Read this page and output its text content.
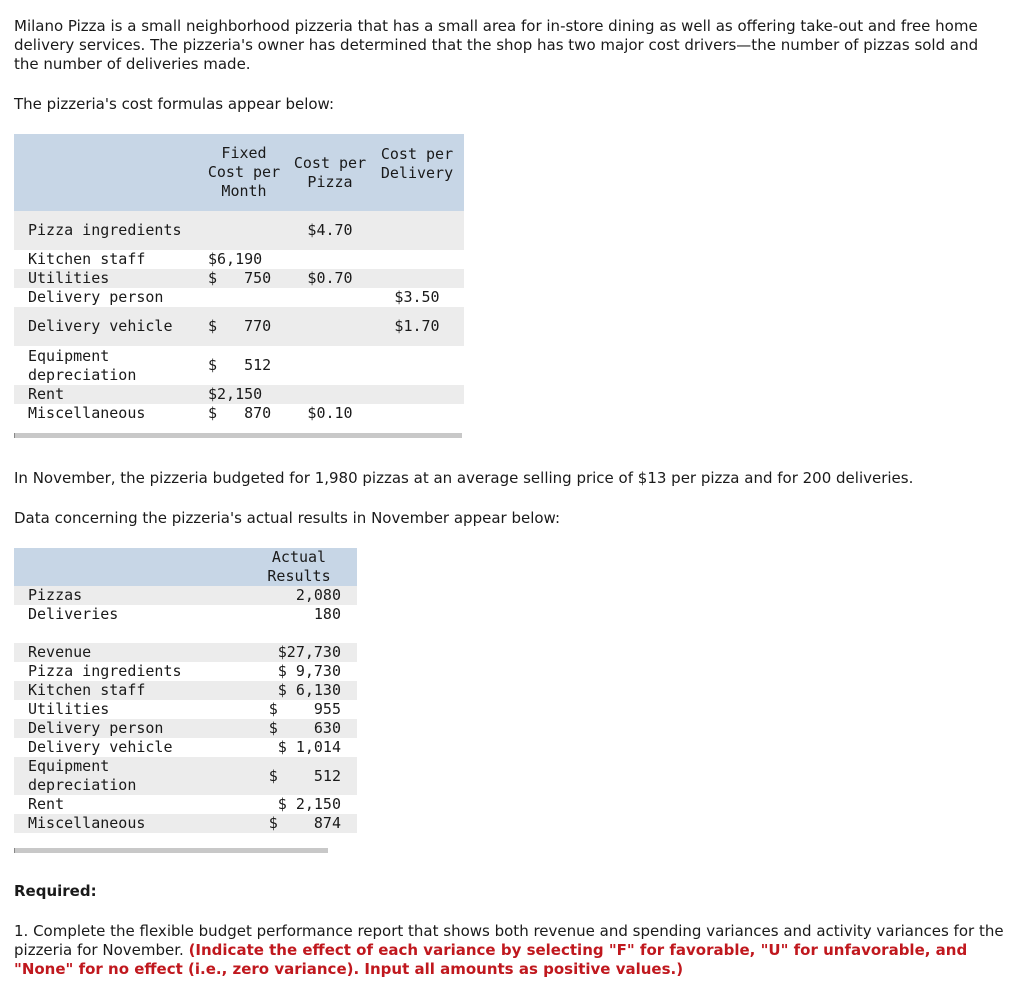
Milano Pizza is a small neighborhood pizzeria that has a small area for in-store dining as well as offering take-out and free home delivery services. The pizzeria's owner has determined that the shop has two major cost drivers—the number of pizzas sold and the number of deliveries made.

The pizzeria's cost formulas appear below:

	Fixed Cost per Month	Cost per Pizza	Cost per Delivery
Pizza ingredients		$4.70	
Kitchen staff	$6,190		
Utilities	$   750	$0.70	
Delivery person			$3.50
Delivery vehicle	$   770		$1.70
Equipment depreciation	$   512		
Rent	$2,150		
Miscellaneous	$   870	$0.10	

In November, the pizzeria budgeted for 1,980 pizzas at an average selling price of $13 per pizza and for 200 deliveries.

Data concerning the pizzeria's actual results in November appear below:

	Actual Results
Pizzas	2,080
Deliveries	180

Revenue	$27,730
Pizza ingredients	$ 9,730
Kitchen staff	$ 6,130
Utilities	$    955
Delivery person	$    630
Delivery vehicle	$ 1,014
Equipment depreciation	$    512
Rent	$ 2,150
Miscellaneous	$    874

Required:

1. Complete the flexible budget performance report that shows both revenue and spending variances and activity variances for the pizzeria for November. (Indicate the effect of each variance by selecting "F" for favorable, "U" for unfavorable, and "None" for no effect (i.e., zero variance). Input all amounts as positive values.)
